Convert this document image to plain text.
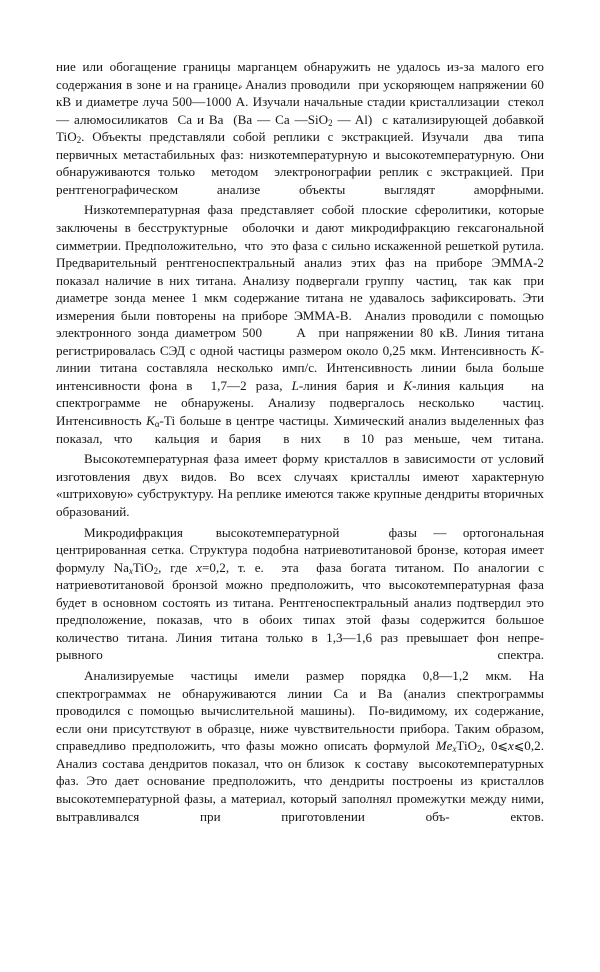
ние или обогащение границы марганцем обнаружить не удалось из-за малого его содержания в зоне и на границе. Анализ проводили  при ускоряющем напряжении 60 кВ и диаметре луча 500—1000 ˚ A. Изучали начальные стадии кристаллизации  стекол — алюмосиликатов  Ca и Ba  (Ba — Ca —SiO$_2$ — Al)  с катализирующей добавкой TiO$_2$. Объекты представляли собой реплики с экстракцией. Изучали  два  типа первичных метастабильных фаз: низкотемпературную и высокотемпературную. Они обнаруживаются только  методом  электронографии реплик с экстракцией. При рентгенографическом анализе объекты выглядят	аморфными.

Низкотемпературная фаза представляет собой плоские сферолитики, которые заключены в бесструктурные  оболочки и дают микродифракцию гексагональной симметрии. Предположительно,  что  это фаза с сильно искаженной решеткой рутила. Предварительный рентгеноспектральный анализ этих фаз на приборе ЭММА-2 показал наличие в них титана. Анализу подвергали группу  частиц,  так как  при диаметре зонда менее 1 мкм содержание титана не удавалось зафиксировать. Эти измерения были повторены на приборе ЭММА-В.  Анализ проводили с помощью электронного зонда диаметром 500 ˚ A  при напряжении 80 кВ. Линия титана регистрировалась СЭД с одной частицы размером около 0,25 мкм. Интенсивность K-линии титана составляла несколько имп/с. Интенсивность линии была больше интенсивности фона в  1,7—2 раза, L-линия бария и K-линия кальция   на спектрограмме не обнаружены. Анализу подвергалось несколько  частиц. Интенсивность $K_\alpha-Ti$ больше в центре частицы. Химический анализ выделенных фаз показал, что  кальция и бария  в них  в 10 раз меньше, чем титана.

Высокотемпературная фаза имеет форму кристаллов в зависимости от условий изготовления двух видов. Во всех случаях кристаллы имеют характерную «штриховую» субструктуру. На реплике имеются также крупные дендриты вторичных образований.

Микродифракция  высокотемпературной   фазы — ортогональная центрированная сетка. Структура подобна натриевотитановой бронзе, которая имеет формулу $Na_xTiO_2$, где x=0,2, т. е.  эта  фаза богата титаном. По аналогии с натриевотитановой бронзой можно предположить, что высокотемпературная фаза будет в основном состоять из титана. Рентгеноспектральный анализ подтвердил это предположение, показав, что в обоих типах этой фазы содержится большое количество титана. Линия титана только в 1,3—1,6 раз превышает фон непре- рывного  спектра.

Анализируемые частицы имели размер порядка 0,8—1,2 мкм. На спектрограммах не обнаруживаются линии Ca и Ba (анализ спектрограммы проводился с помощью вычислительной машины).  По-видимому, их содержание, если они присутствуют в образце, ниже чувствительности прибора. Таким образом, справедливо предположить, что фазы можно описать формулой $Me_xTiO_2$, 0⩽x⩽0,2. Анализ состава дендритов показал, что он близок  к составу  высокотемпературных фаз. Это дает основание предположить, что дендриты построены из кристаллов высокотемпературной фазы, а материал, который заполнял промежутки между ними, вытравливался при приготовлении объ-	ектов.
